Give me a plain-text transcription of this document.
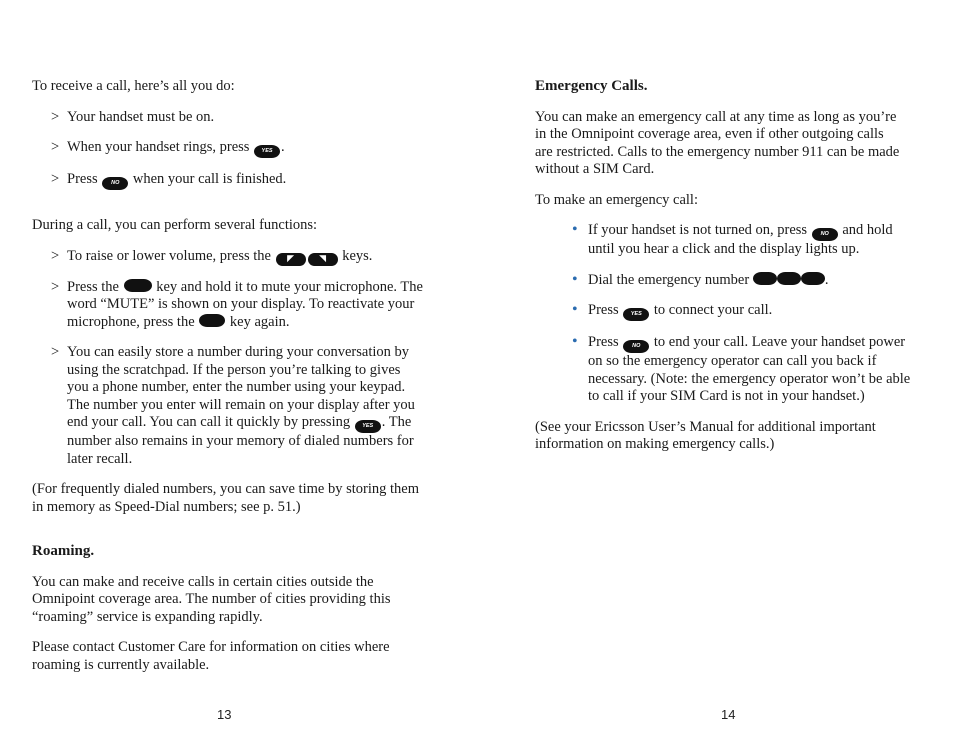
To receive a call, here’s all you do:

> Your handset must be on.
> When your handset rings, press YES .
> Press NO when your call is finished.

During a call, you can perform several functions:

> To raise or lower volume, press the ◤	◥ keys.
> Press the	key and hold it to mute your microphone. The word “MUTE” is shown on your display. To reactivate your microphone, press the key again.
> You can easily store a number during your conversation by using the scratchpad. If the person you’re talking to gives you a phone number, enter the number using your keypad. The number you enter will remain on your display after you end your call. You can call it quickly by pressing YES . The number also remains in your memory of dialed numbers for later recall.

(For frequently dialed numbers, you can save time by storing them in memory as Speed-Dial numbers; see p. 51.)

Roaming.

You can make and receive calls in certain cities outside the Omnipoint coverage area. The number of cities providing this “roaming” service is expanding rapidly.

Please contact Customer Care for information on cities where roaming is currently available.

Emergency Calls.

You can make an emergency call at any time as long as you’re in the Omnipoint coverage area, even if other outgoing calls are restricted. Calls to the emergency number 911 can be made without a SIM Card.

To make an emergency call:

• If your handset is not turned on, press NO and hold until you hear a click and the display lights up.
• Dial the emergency number	.
• Press YES to connect your call.
• Press NO to end your call. Leave your handset power on so the emergency operator can call you back if necessary. (Note: the emergency operator won’t be able to call if your SIM Card is not in your handset.)

(See your Ericsson User’s Manual for additional important information on making emergency calls.)

13	14
